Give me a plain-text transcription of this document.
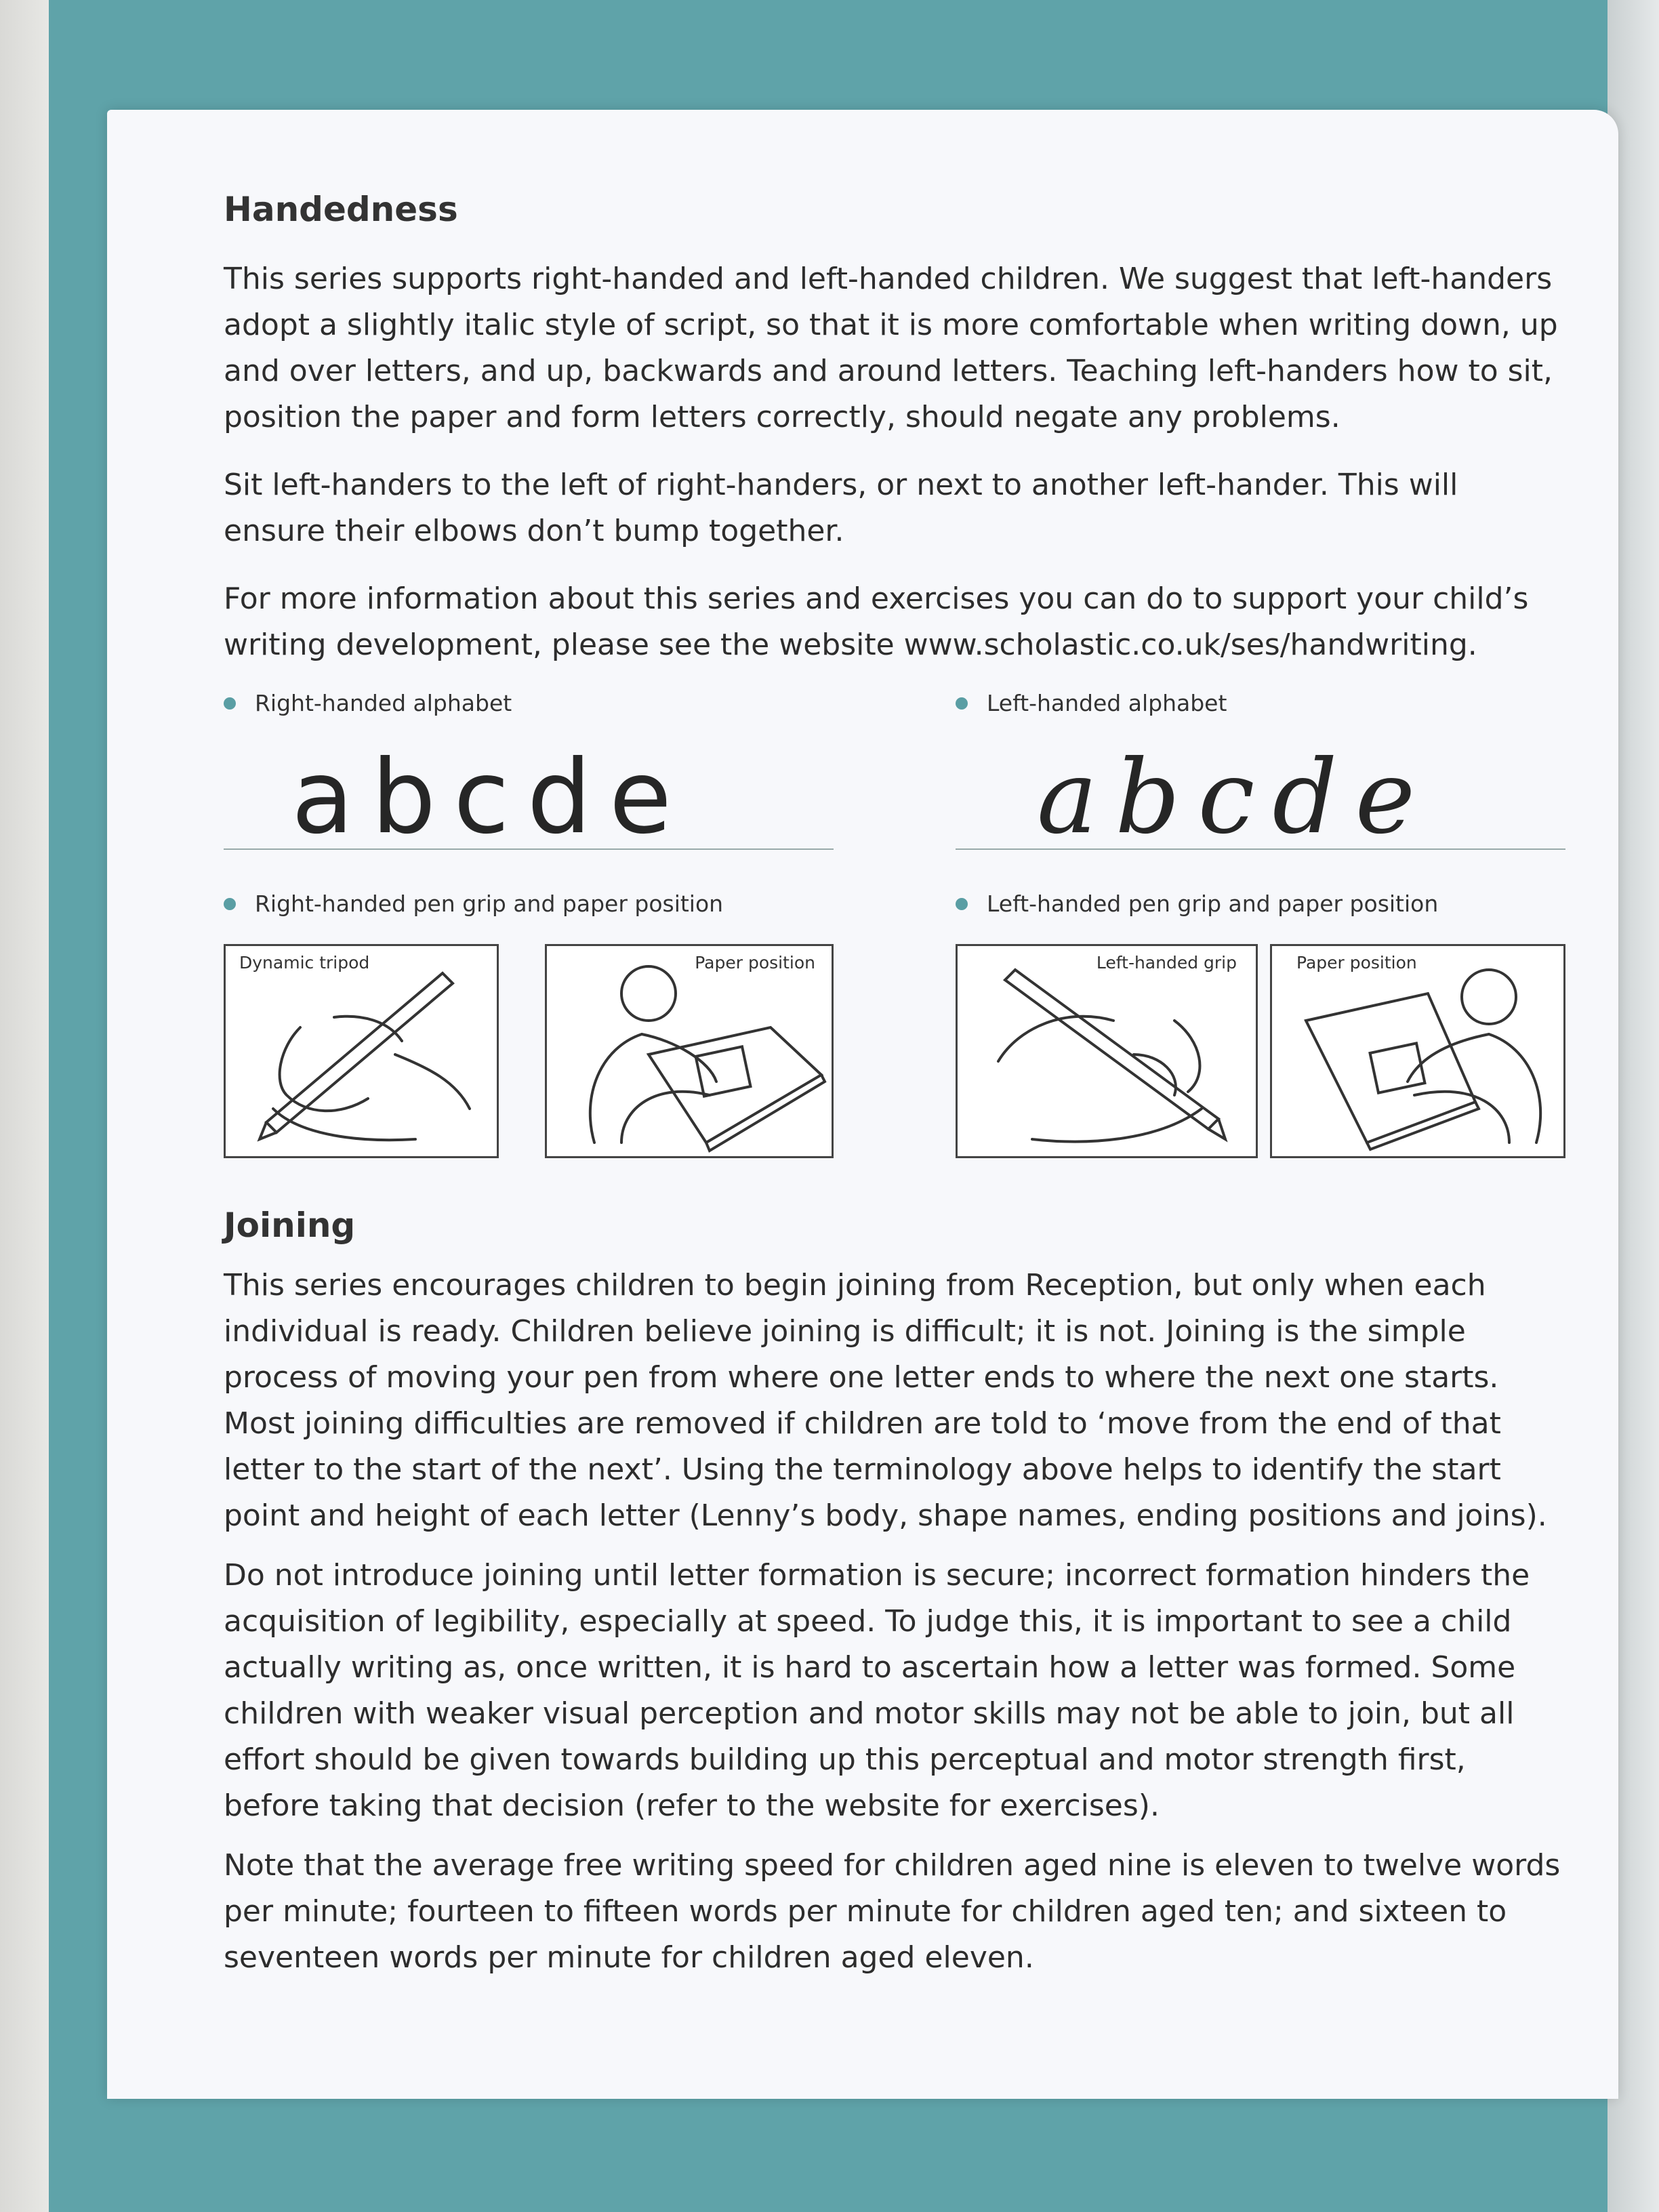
Handedness

This series supports right-handed and left-handed children. We suggest that left-handers adopt a slightly italic style of script, so that it is more comfortable when writing down, up and over letters, and up, backwards and around letters. Teaching left-handers how to sit, position the paper and form letters correctly, should negate any problems.

Sit left-handers to the left of right-handers, or next to another left-hander. This will ensure their elbows don’t bump together.

For more information about this series and exercises you can do to support your child’s writing development, please see the website www.scholastic.co.uk/ses/handwriting.

Right-handed alphabet
abcde
Left-handed alphabet
abcde
Right-handed pen grip and paper position
Dynamic tripod	Paper position
Left-handed pen grip and paper position
Left-handed grip	Paper position
Joining

This series encourages children to begin joining from Reception, but only when each individual is ready. Children believe joining is difficult; it is not. Joining is the simple process of moving your pen from where one letter ends to where the next one starts. Most joining difficulties are removed if children are told to ‘move from the end of that letter to the start of the next’. Using the terminology above helps to identify the start point and height of each letter (Lenny’s body, shape names, ending positions and joins).

Do not introduce joining until letter formation is secure; incorrect formation hinders the acquisition of legibility, especially at speed. To judge this, it is important to see a child actually writing as, once written, it is hard to ascertain how a letter was formed. Some children with weaker visual perception and motor skills may not be able to join, but all effort should be given towards building up this perceptual and motor strength first, before taking that decision (refer to the website for exercises).

Note that the average free writing speed for children aged nine is eleven to twelve words per minute; fourteen to fifteen words per minute for children aged ten; and sixteen to seventeen words per minute for children aged eleven.
